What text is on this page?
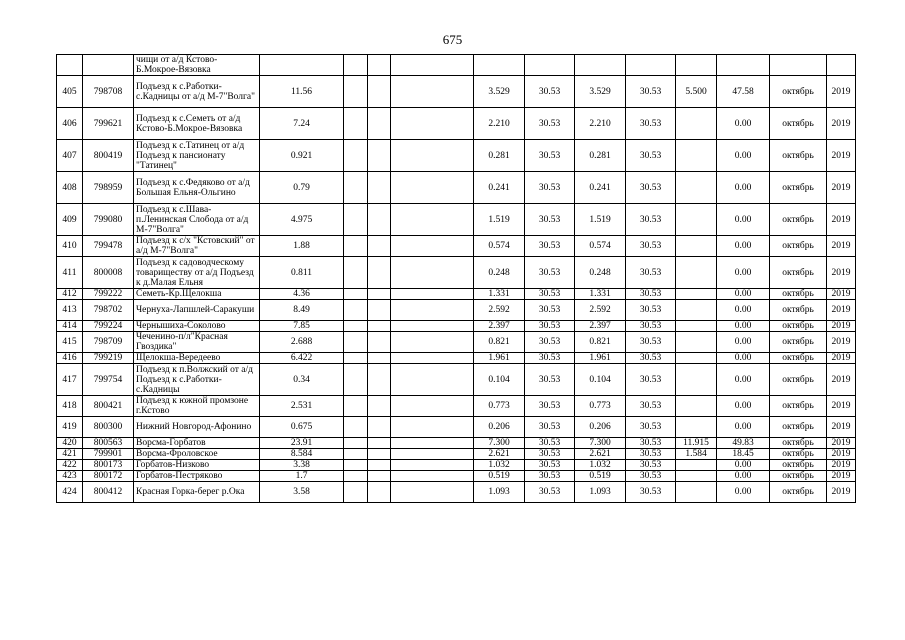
675
		чищи от а/д Кстово-Б.Мокрое-Вязовка												
405	798708	Подъезд к с.Работки-с.Кадницы от а/д М-7"Волга"	11.56				3.529	30.53	3.529	30.53	5.500	47.58	октябрь	2019
406	799621	Подъезд к с.Семеть от а/д Кстово-Б.Мокрое-Вязовка	7.24				2.210	30.53	2.210	30.53		0.00	октябрь	2019
407	800419	Подъезд к с.Татинец от а/д Подъезд к пансионату "Татинец"	0.921				0.281	30.53	0.281	30.53		0.00	октябрь	2019
408	798959	Подъезд к с.Федяково от а/д Большая Ельня-Ольгино	0.79				0.241	30.53	0.241	30.53		0.00	октябрь	2019
409	799080	Подъезд к с.Шава-п.Ленинская Слобода от а/д М-7"Волга"	4.975				1.519	30.53	1.519	30.53		0.00	октябрь	2019
410	799478	Подъезд к с/х "Кстовский" от а/д М-7"Волга"	1.88				0.574	30.53	0.574	30.53		0.00	октябрь	2019
411	800008	Подъезд к садоводческому товариществу от а/д Подъезд к д.Малая Ельня	0.811				0.248	30.53	0.248	30.53		0.00	октябрь	2019
412	799222	Семеть-Кр.Щелокша	4.36				1.331	30.53	1.331	30.53		0.00	октябрь	2019
413	798702	Чернуха-Лапшлей-Саракуши	8.49				2.592	30.53	2.592	30.53		0.00	октябрь	2019
414	799224	Чернышиха-Соколово	7.85				2.397	30.53	2.397	30.53		0.00	октябрь	2019
415	798709	Чеченино-п/л"Красная Гвоздика"	2.688				0.821	30.53	0.821	30.53		0.00	октябрь	2019
416	799219	Щелокша-Вередеево	6.422				1.961	30.53	1.961	30.53		0.00	октябрь	2019
417	799754	Подъезд к п.Волжский от а/д Подъезд к с.Работки-с.Кадницы	0.34				0.104	30.53	0.104	30.53		0.00	октябрь	2019
418	800421	Подъезд к южной промзоне г.Кстово	2.531				0.773	30.53	0.773	30.53		0.00	октябрь	2019
419	800300	Нижний Новгород-Афонино	0.675				0.206	30.53	0.206	30.53		0.00	октябрь	2019
420	800563	Ворсма-Горбатов	23.91				7.300	30.53	7.300	30.53	11.915	49.83	октябрь	2019
421	799901	Ворсма-Фроловское	8.584				2.621	30.53	2.621	30.53	1.584	18.45	октябрь	2019
422	800173	Горбатов-Низково	3.38				1.032	30.53	1.032	30.53		0.00	октябрь	2019
423	800172	Горбатов-Пестряково	1.7				0.519	30.53	0.519	30.53		0.00	октябрь	2019
424	800412	Красная Горка-берег р.Ока	3.58				1.093	30.53	1.093	30.53		0.00	октябрь	2019
